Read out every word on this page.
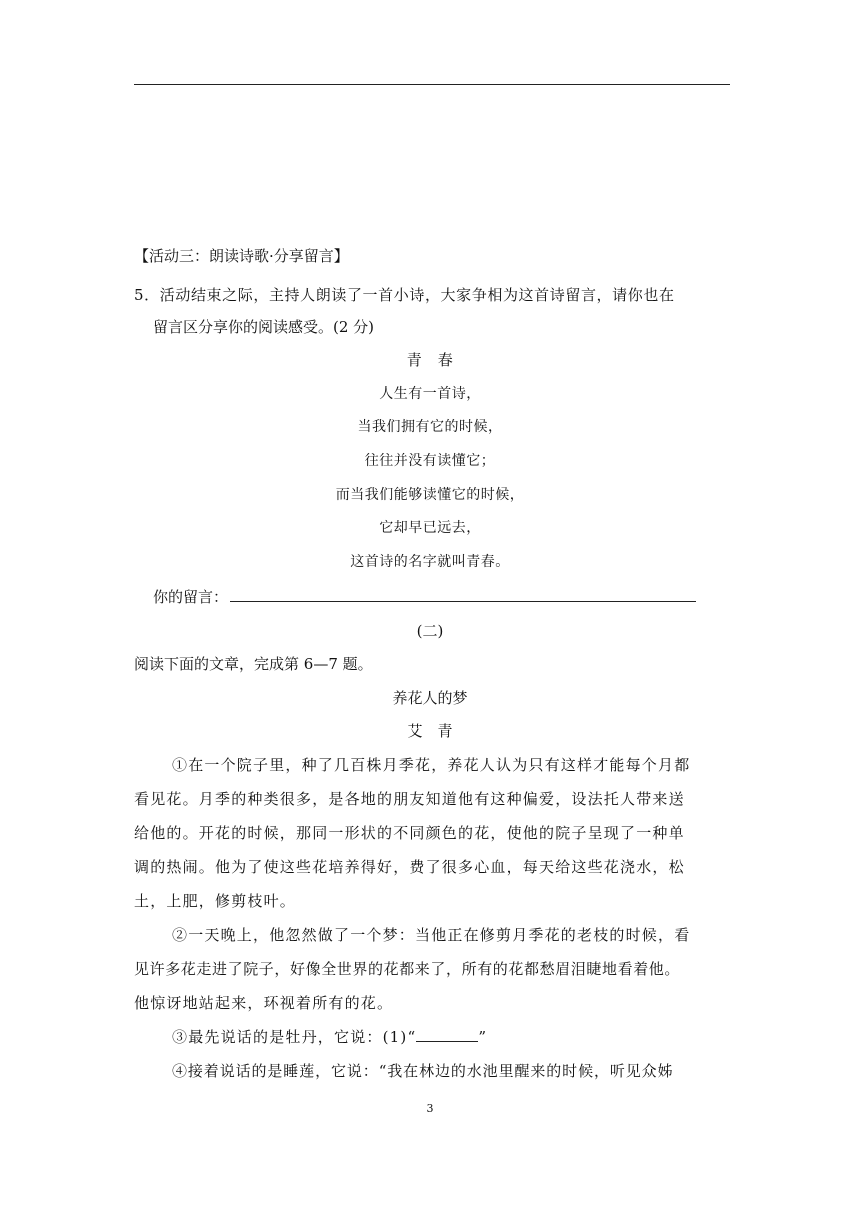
【活动三：朗读诗歌·分享留言】
5．活动结束之际，主持人朗读了一首小诗，大家争相为这首诗留言，请你也在
留言区分享你的阅读感受。(2 分)
青　春
人生有一首诗，
当我们拥有它的时候，
往往并没有读懂它；
而当我们能够读懂它的时候，
它却早已远去，
这首诗的名字就叫青春。
你的留言：
(二)
阅读下面的文章，完成第 6—7 题。
养花人的梦
艾　青
①在一个院子里，种了几百株月季花，养花人认为只有这样才能每个月都
看见花。月季的种类很多，是各地的朋友知道他有这种偏爱，设法托人带来送
给他的。开花的时候，那同一形状的不同颜色的花，使他的院子呈现了一种单
调的热闹。他为了使这些花培养得好，费了很多心血，每天给这些花浇水，松
土，上肥，修剪枝叶。
②一天晚上，他忽然做了一个梦：当他正在修剪月季花的老枝的时候，看
见许多花走进了院子，好像全世界的花都来了，所有的花都愁眉泪睫地看着他。
他惊讶地站起来，环视着所有的花。
③最先说话的是牡丹，它说：(1)“	”
④接着说话的是睡莲，它说：“我在林边的水池里醒来的时候，听见众姊
3
